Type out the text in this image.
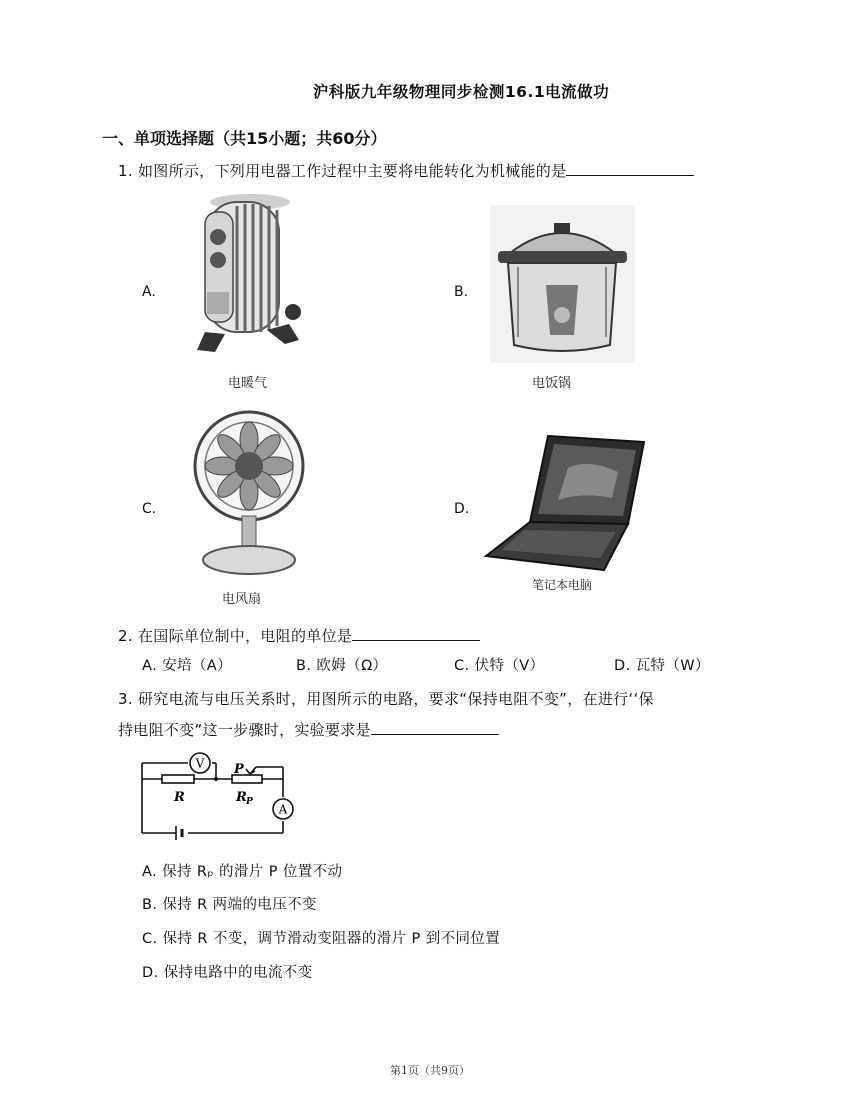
沪科版九年级物理同步检测16.1电流做功
一、单项选择题（共15小题；共60分）
1. 如图所示，下列用电器工作过程中主要将电能转化为机械能的是
A.
电暖气
B.
电饭锅
C.
电风扇
D.
笔记本电脑
2. 在国际单位制中，电阻的单位是
A. 安培（A）	B. 欧姆（Ω）	C. 伏特（V）	D. 瓦特（W）
3. 研究电流与电压关系时，用图所示的电路，要求“保持电阻不变”，在进行‘‘保
持电阻不变“这一步骤时，实验要求是
V
A
R
P
R P
A. 保持 Rₚ 的滑片 P 位置不动
B. 保持 R 两端的电压不变
C. 保持 R 不变，调节滑动变阻器的滑片 P 到不同位置
D. 保持电路中的电流不变
第1页（共9页）
